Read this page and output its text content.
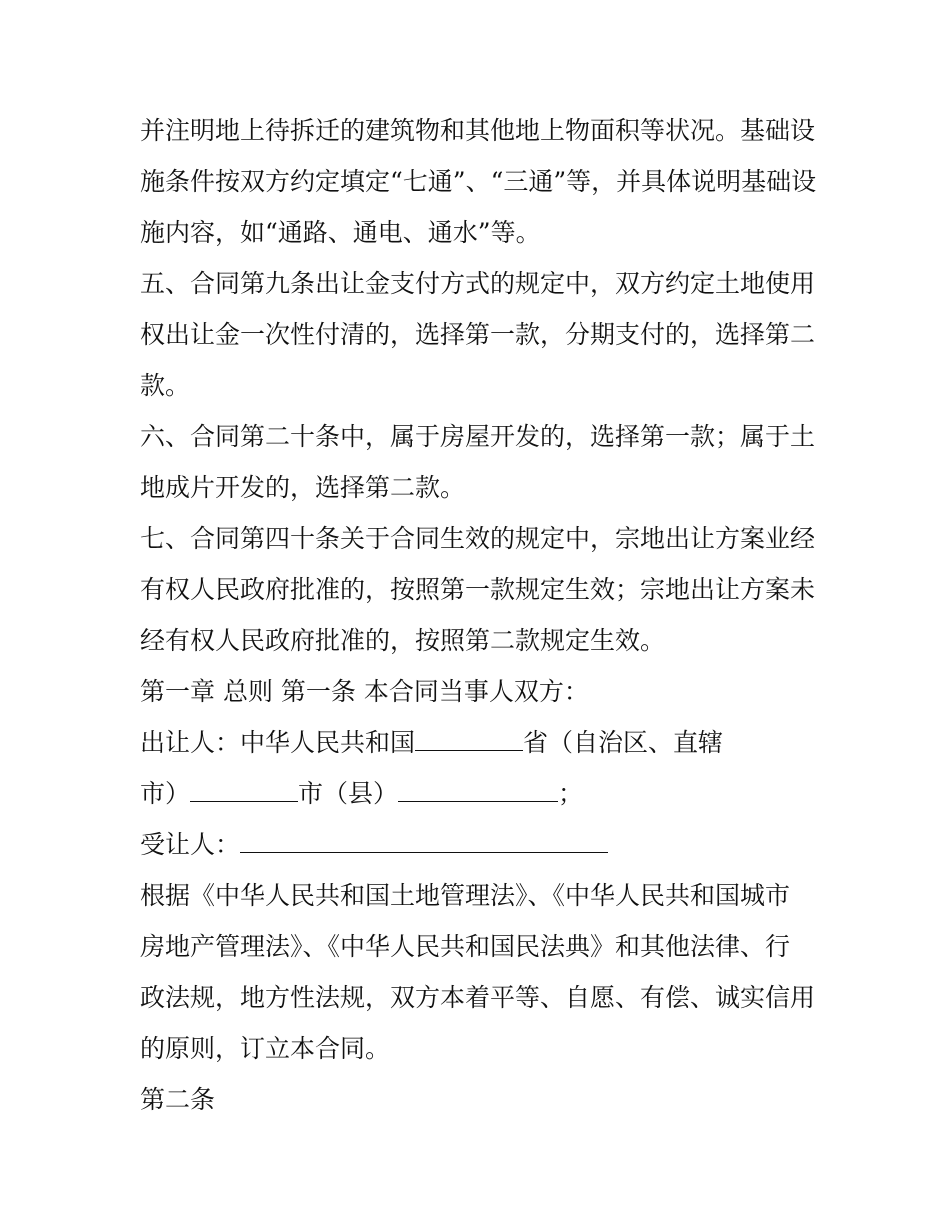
并注明地上待拆迁的建筑物和其他地上物面积等状况。基础设
施条件按双方约定填定“七通”、“三通”等，并具体说明基础设
施内容，如“通路、通电、通水”等。
五、合同第九条出让金支付方式的规定中，双方约定土地使用
权出让金一次性付清的，选择第一款，分期支付的，选择第二
款。
六、合同第二十条中，属于房屋开发的，选择第一款；属于土
地成片开发的，选择第二款。
七、合同第四十条关于合同生效的规定中，宗地出让方案业经
有权人民政府批准的，按照第一款规定生效；宗地出让方案未
经有权人民政府批准的，按照第二款规定生效。
第一章 总则 第一条 本合同当事人双方：
出让人：中华人民共和国	省（自治区、直辖
市）	市（县）	；
受让人：
根据《中华人民共和国土地管理法》、《中华人民共和国城市
房地产管理法》、《中华人民共和国民法典》和其他法律、行
政法规，地方性法规，双方本着平等、自愿、有偿、诚实信用
的原则，订立本合同。
第二条
